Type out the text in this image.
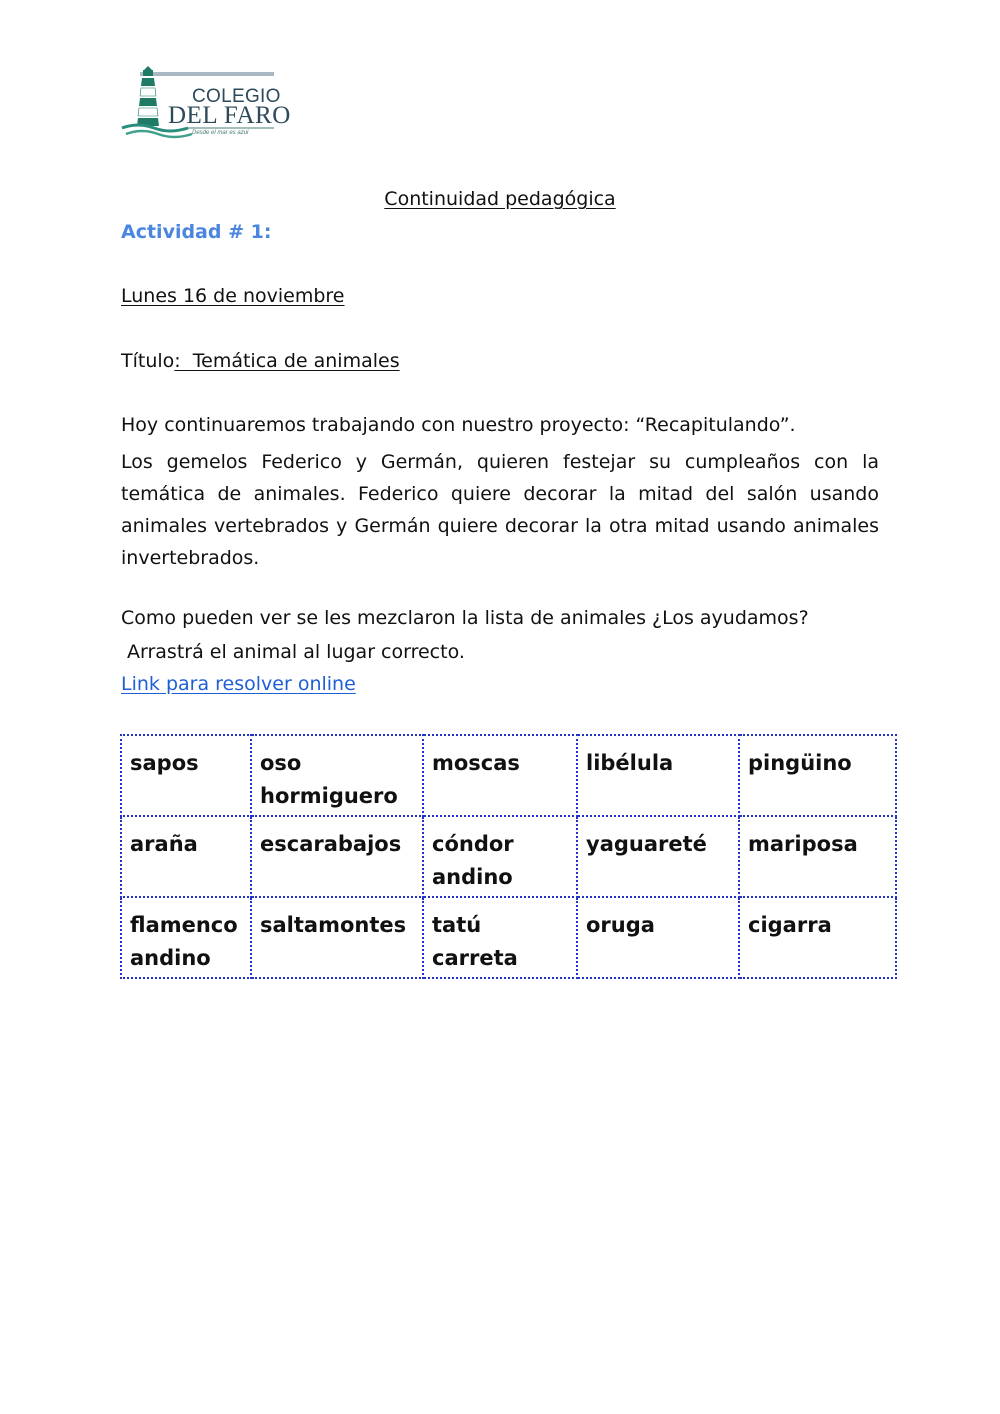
COLEGIO
DEL FARO
Desde el mar es azul
Continuidad pedagógica
Actividad # 1:
Lunes 16 de noviembre
Título:  Temática de animales
Hoy continuaremos trabajando con nuestro proyecto: “Recapitulando”.
Los gemelos Federico y Germán, quieren festejar su cumpleaños con la temática de animales. Federico quiere decorar la mitad del salón usando animales vertebrados y Germán quiere decorar la otra mitad usando animales invertebrados.
Como pueden ver se les mezclaron la lista de animales ¿Los ayudamos?
Arrastrá el animal al lugar correcto.
Link para resolver online
sapos	oso hormiguero	moscas	libélula	pingüino
araña	escarabajos	cóndor andino	yaguareté	mariposa
flamenco andino	saltamontes	tatú carreta	oruga	cigarra
